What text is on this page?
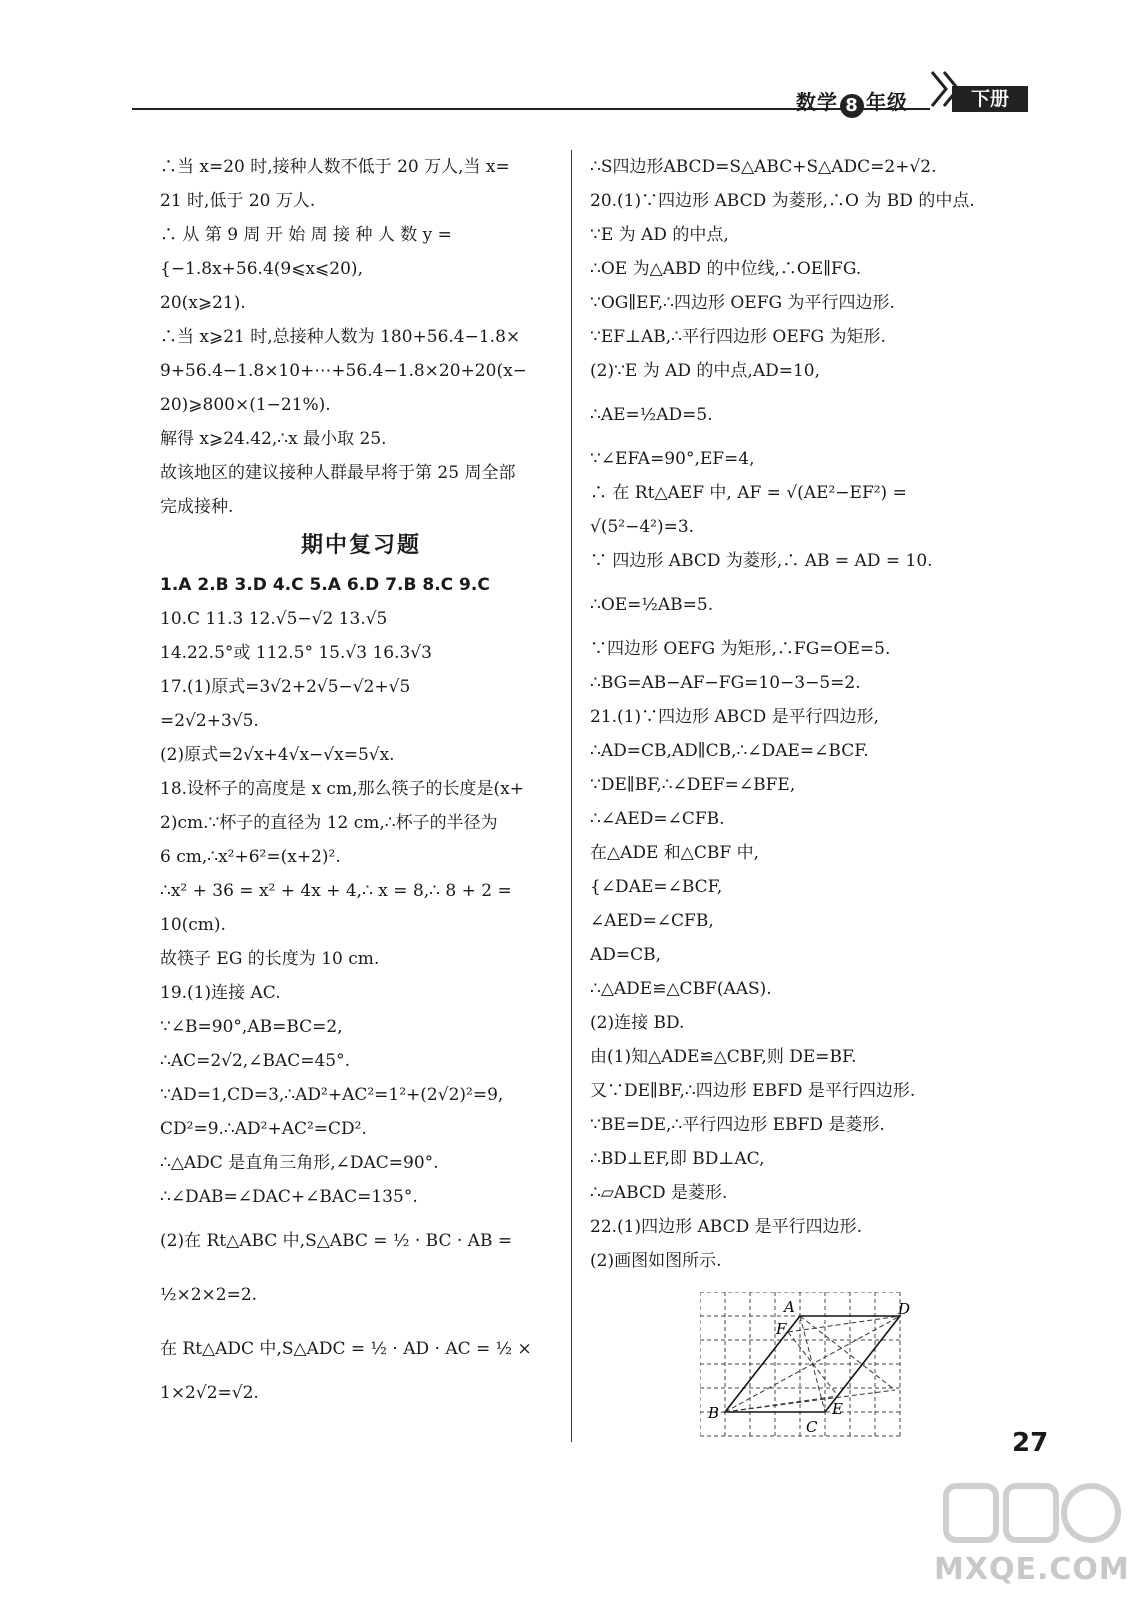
数学 8 年级	下册
∴当 x=20 时,接种人数不低于 20 万人,当 x=
21 时,低于 20 万人.
∴ 从 第 9 周 开 始 周 接 种 人 数 y =
{−1.8x+56.4(9⩽x⩽20),
20(x⩾21).
∴当 x⩾21 时,总接种人数为 180+56.4−1.8×
9+56.4−1.8×10+⋯+56.4−1.8×20+20(x−
20)⩾800×(1−21%).
解得 x⩾24.42,∴x 最小取 25.
故该地区的建议接种人群最早将于第 25 周全部
完成接种.
期中复习题
1.A 2.B 3.D 4.C 5.A 6.D 7.B 8.C 9.C
10.C 11.3 12.√5−√2 13.√5
14.22.5°或 112.5° 15.√3 16.3√3
17.(1)原式=3√2+2√5−√2+√5
=2√2+3√5.
(2)原式=2√x+4√x−√x=5√x.
18.设杯子的高度是 x cm,那么筷子的长度是(x+
2)cm.∵杯子的直径为 12 cm,∴杯子的半径为
6 cm,∴x²+6²=(x+2)².
∴x² + 36 = x² + 4x + 4,∴ x = 8,∴ 8 + 2 =
10(cm).
故筷子 EG 的长度为 10 cm.
19.(1)连接 AC.
∵∠B=90°,AB=BC=2,
∴AC=2√2,∠BAC=45°.
∵AD=1,CD=3,∴AD²+AC²=1²+(2√2)²=9,
CD²=9.∴AD²+AC²=CD².
∴△ADC 是直角三角形,∠DAC=90°.
∴∠DAB=∠DAC+∠BAC=135°.
(2)在 Rt△ABC 中,S△ABC = ½ · BC · AB =
½×2×2=2.
在 Rt△ADC 中,S△ADC = ½ · AD · AC = ½ ×
1×2√2=√2.
∴S四边形ABCD=S△ABC+S△ADC=2+√2.
20.(1)∵四边形 ABCD 为菱形,∴O 为 BD 的中点.
∵E 为 AD 的中点,
∴OE 为△ABD 的中位线,∴OE∥FG.
∵OG∥EF,∴四边形 OEFG 为平行四边形.
∵EF⊥AB,∴平行四边形 OEFG 为矩形.
(2)∵E 为 AD 的中点,AD=10,
∴AE=½AD=5.
∵∠EFA=90°,EF=4,
∴ 在 Rt△AEF 中, AF = √(AE²−EF²) =
√(5²−4²)=3.
∵ 四边形 ABCD 为菱形,∴ AB = AD = 10.
∴OE=½AB=5.
∵四边形 OEFG 为矩形,∴FG=OE=5.
∴BG=AB−AF−FG=10−3−5=2.
21.(1)∵四边形 ABCD 是平行四边形,
∴AD=CB,AD∥CB,∴∠DAE=∠BCF.
∵DE∥BF,∴∠DEF=∠BFE,
∴∠AED=∠CFB.
在△ADE 和△CBF 中,
{∠DAE=∠BCF,
∠AED=∠CFB,
AD=CB,
∴△ADE≌△CBF(AAS).
(2)连接 BD.
由(1)知△ADE≌△CBF,则 DE=BF.
又∵DE∥BF,∴四边形 EBFD 是平行四边形.
∵BE=DE,∴平行四边形 EBFD 是菱形.
∴BD⊥EF,即 BD⊥AC,
∴▱ABCD 是菱形.
22.(1)四边形 ABCD 是平行四边形.
(2)画图如图所示.
A
B
C
D
E
F
27
MXQE.COM
